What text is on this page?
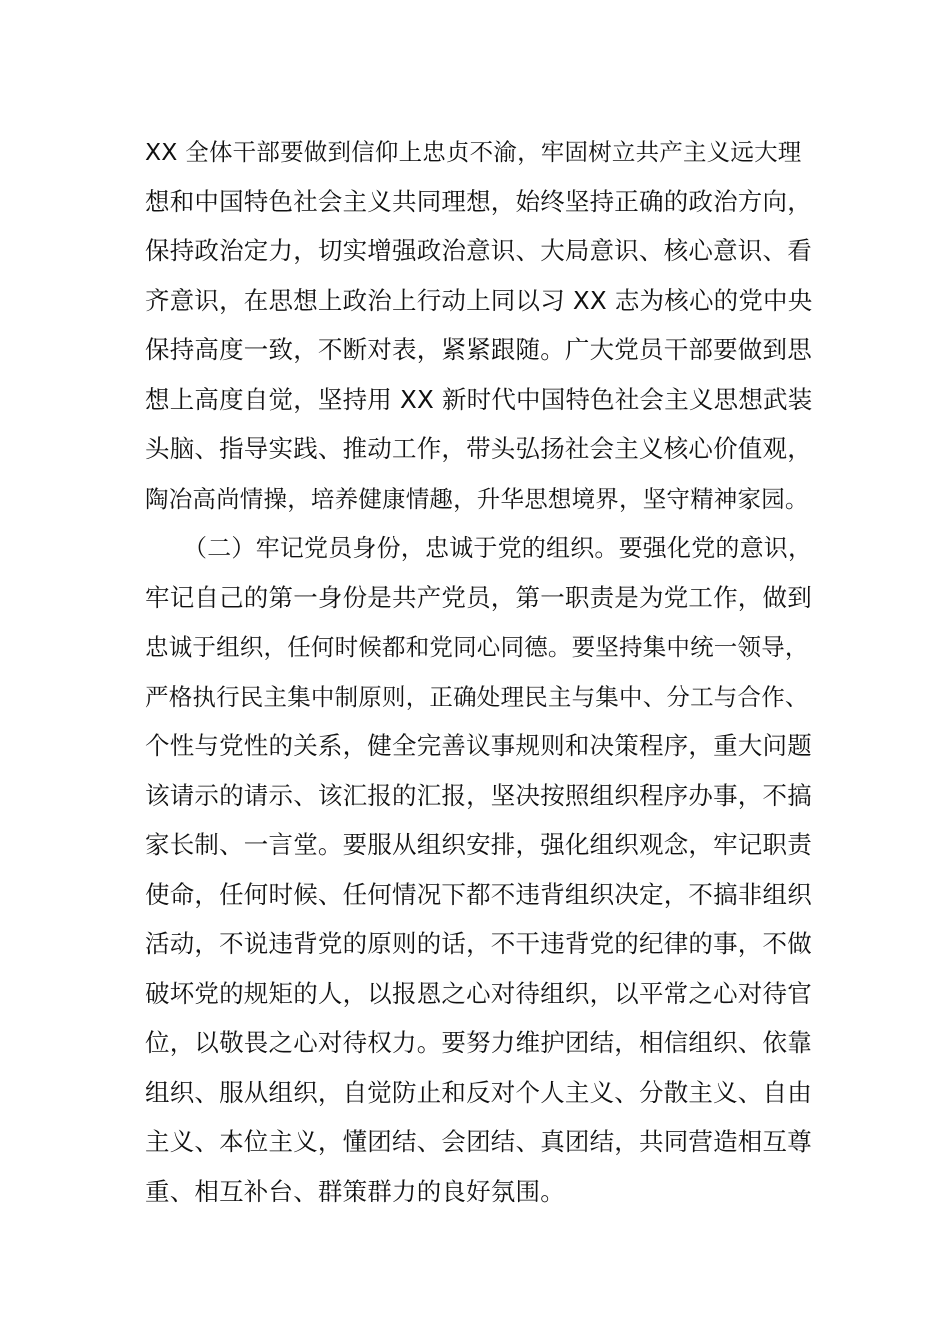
XX 全体干部要做到信仰上忠贞不渝，牢固树立共产主义远大理
想和中国特色社会主义共同理想，始终坚持正确的政治方向，
保持政治定力，切实增强政治意识、大局意识、核心意识、看
齐意识，在思想上政治上行动上同以习 XX 志为核心的党中央
保持高度一致，不断对表，紧紧跟随。广大党员干部要做到思
想上高度自觉，坚持用 XX 新时代中国特色社会主义思想武装
头脑、指导实践、推动工作，带头弘扬社会主义核心价值观，
陶冶高尚情操，培养健康情趣，升华思想境界，坚守精神家园。
（二）牢记党员身份，忠诚于党的组织。要强化党的意识，
牢记自己的第一身份是共产党员，第一职责是为党工作，做到
忠诚于组织，任何时候都和党同心同德。要坚持集中统一领导，
严格执行民主集中制原则，正确处理民主与集中、分工与合作、
个性与党性的关系，健全完善议事规则和决策程序，重大问题
该请示的请示、该汇报的汇报，坚决按照组织程序办事，不搞
家长制、一言堂。要服从组织安排，强化组织观念，牢记职责
使命，任何时候、任何情况下都不违背组织决定，不搞非组织
活动，不说违背党的原则的话，不干违背党的纪律的事，不做
破坏党的规矩的人，以报恩之心对待组织，以平常之心对待官
位，以敬畏之心对待权力。要努力维护团结，相信组织、依靠
组织、服从组织，自觉防止和反对个人主义、分散主义、自由
主义、本位主义，懂团结、会团结、真团结，共同营造相互尊
重、相互补台、群策群力的良好氛围。
